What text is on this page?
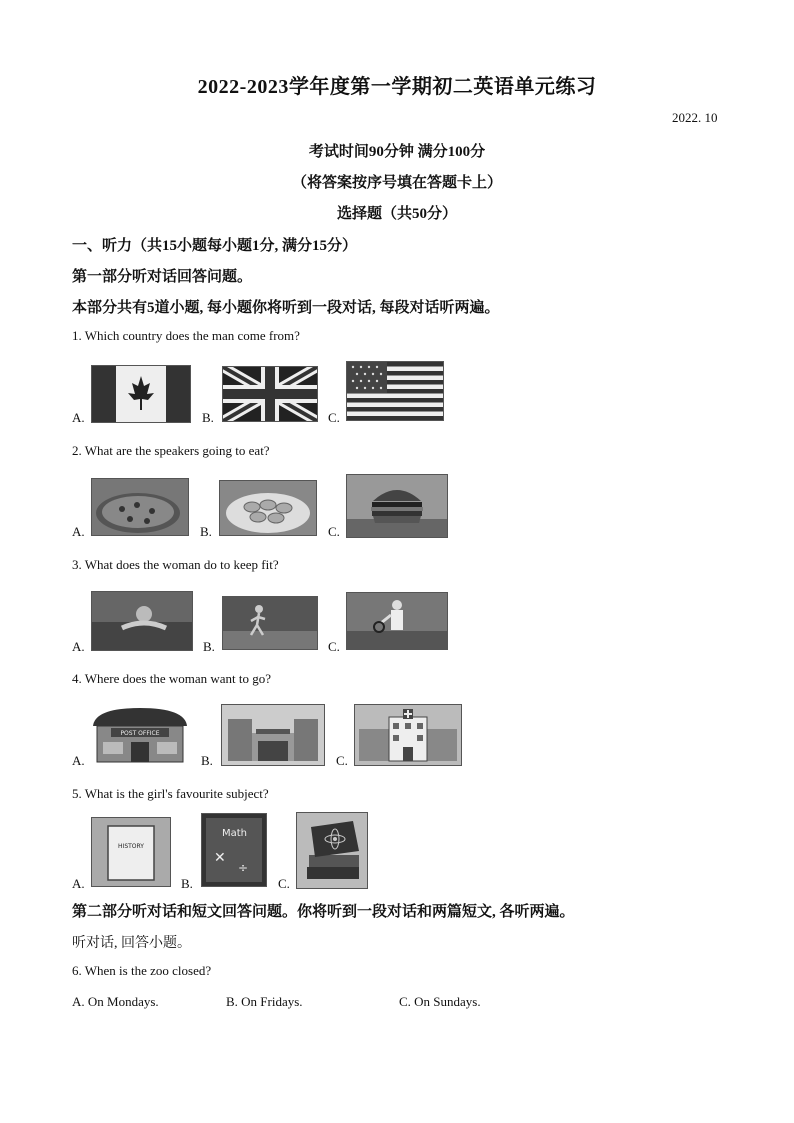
2022-2023学年度第一学期初二英语单元练习
2022. 10
考试时间90分钟 满分100分
（将答案按序号填在答题卡上）
选择题（共50分）
一、听力（共15小题每小题1分, 满分15分）
第一部分听对话回答问题。
本部分共有5道小题, 每小题你将听到一段对话, 每段对话听两遍。
1. Which country does the man come from?
A.	B.	C.
2. What are the speakers going to eat?
A.	B.	C.
3. What does the woman do to keep fit?
A.	B.	C.
4. Where does the woman want to go?
A.
POST OFFICE
B.	C.
5. What is the girl's favourite subject?
A.
HISTORY
B.
Math
✕
÷
C.
第二部分听对话和短文回答问题。你将听到一段对话和两篇短文, 各听两遍。
听对话, 回答小题。
6. When is the zoo closed?
A. On Mondays.	B. On Fridays.	C. On Sundays.
